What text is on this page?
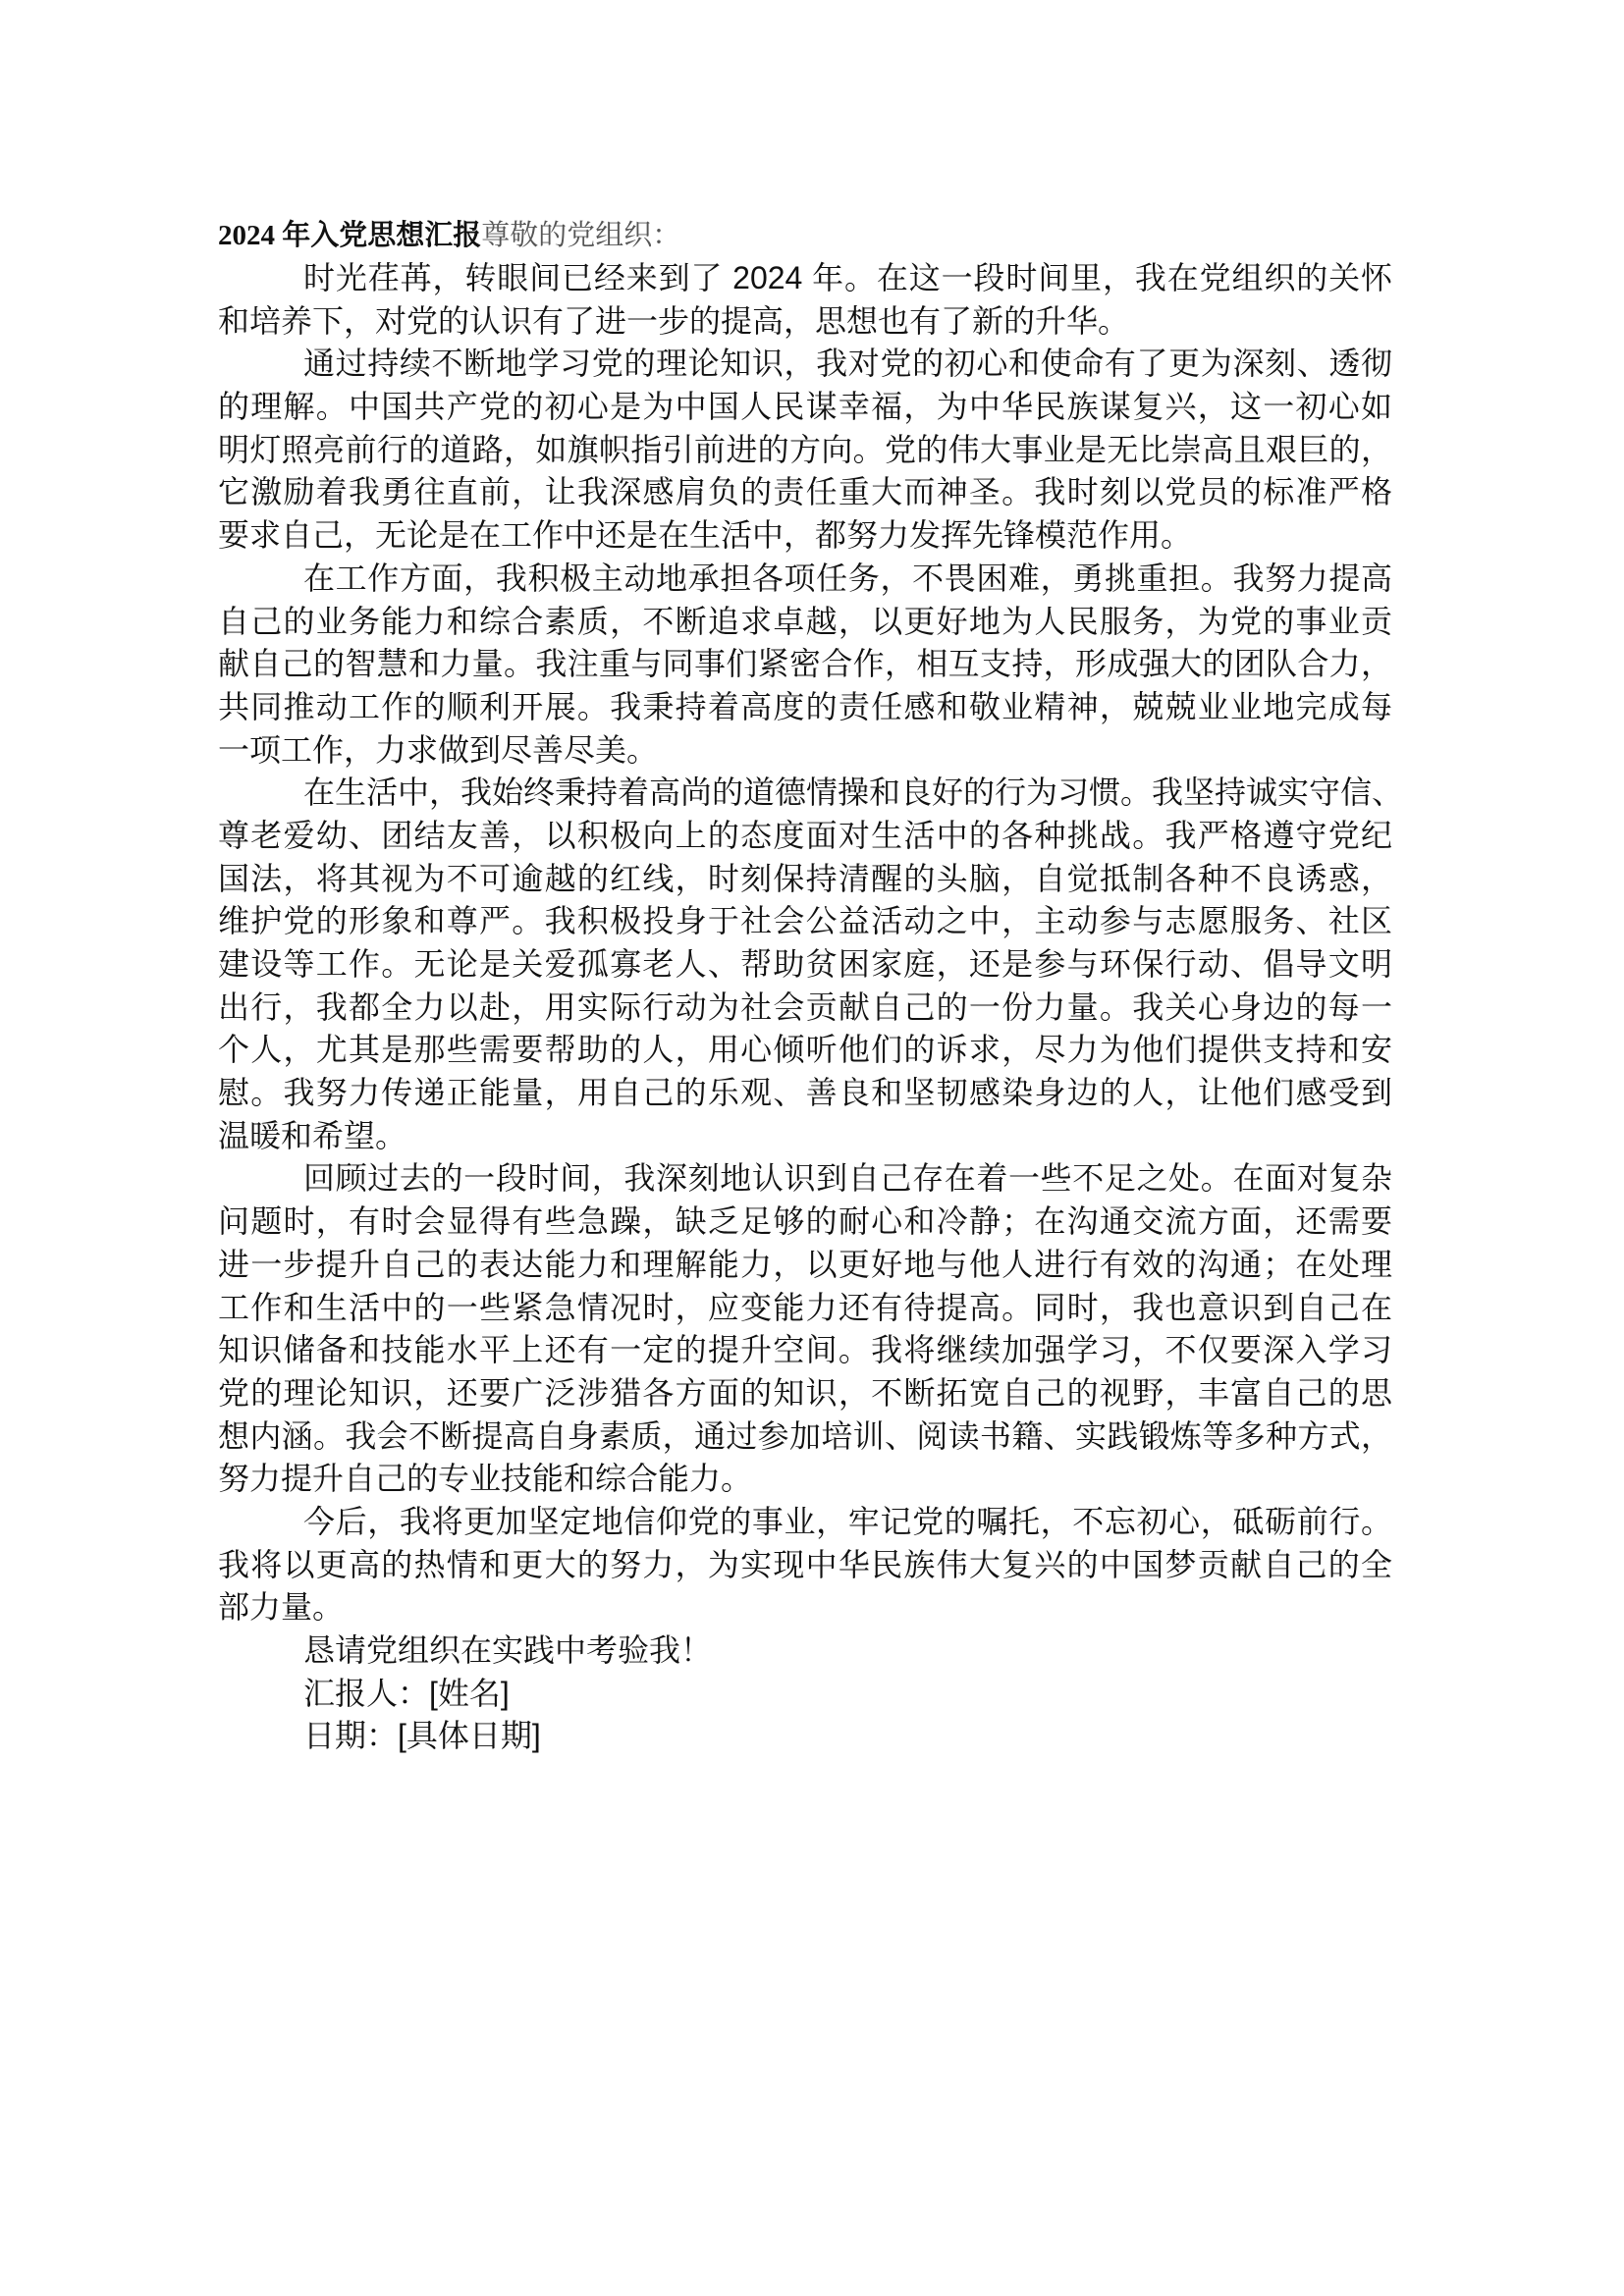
2024 年入党思想汇报尊敬的党组织：
时光荏苒，转眼间已经来到了 2024 年。在这一段时间里，我在党组织的关怀
和培养下，对党的认识有了进一步的提高，思想也有了新的升华。
通过持续不断地学习党的理论知识，我对党的初心和使命有了更为深刻、透彻
的理解。中国共产党的初心是为中国人民谋幸福，为中华民族谋复兴，这一初心如
明灯照亮前行的道路，如旗帜指引前进的方向。党的伟大事业是无比崇高且艰巨的，
它激励着我勇往直前，让我深感肩负的责任重大而神圣。我时刻以党员的标准严格
要求自己，无论是在工作中还是在生活中，都努力发挥先锋模范作用。
在工作方面，我积极主动地承担各项任务，不畏困难，勇挑重担。我努力提高
自己的业务能力和综合素质，不断追求卓越，以更好地为人民服务，为党的事业贡
献自己的智慧和力量。我注重与同事们紧密合作，相互支持，形成强大的团队合力，
共同推动工作的顺利开展。我秉持着高度的责任感和敬业精神，兢兢业业地完成每
一项工作，力求做到尽善尽美。
在生活中，我始终秉持着高尚的道德情操和良好的行为习惯。我坚持诚实守信、
尊老爱幼、团结友善，以积极向上的态度面对生活中的各种挑战。我严格遵守党纪
国法，将其视为不可逾越的红线，时刻保持清醒的头脑，自觉抵制各种不良诱惑，
维护党的形象和尊严。我积极投身于社会公益活动之中，主动参与志愿服务、社区
建设等工作。无论是关爱孤寡老人、帮助贫困家庭，还是参与环保行动、倡导文明
出行，我都全力以赴，用实际行动为社会贡献自己的一份力量。我关心身边的每一
个人，尤其是那些需要帮助的人，用心倾听他们的诉求，尽力为他们提供支持和安
慰。我努力传递正能量，用自己的乐观、善良和坚韧感染身边的人，让他们感受到
温暖和希望。
回顾过去的一段时间，我深刻地认识到自己存在着一些不足之处。在面对复杂
问题时，有时会显得有些急躁，缺乏足够的耐心和冷静；在沟通交流方面，还需要
进一步提升自己的表达能力和理解能力，以更好地与他人进行有效的沟通；在处理
工作和生活中的一些紧急情况时，应变能力还有待提高。同时，我也意识到自己在
知识储备和技能水平上还有一定的提升空间。我将继续加强学习，不仅要深入学习
党的理论知识，还要广泛涉猎各方面的知识，不断拓宽自己的视野，丰富自己的思
想内涵。我会不断提高自身素质，通过参加培训、阅读书籍、实践锻炼等多种方式，
努力提升自己的专业技能和综合能力。
今后，我将更加坚定地信仰党的事业，牢记党的嘱托，不忘初心，砥砺前行。
我将以更高的热情和更大的努力，为实现中华民族伟大复兴的中国梦贡献自己的全
部力量。
恳请党组织在实践中考验我！
汇报人：[姓名]
日期：[具体日期]
